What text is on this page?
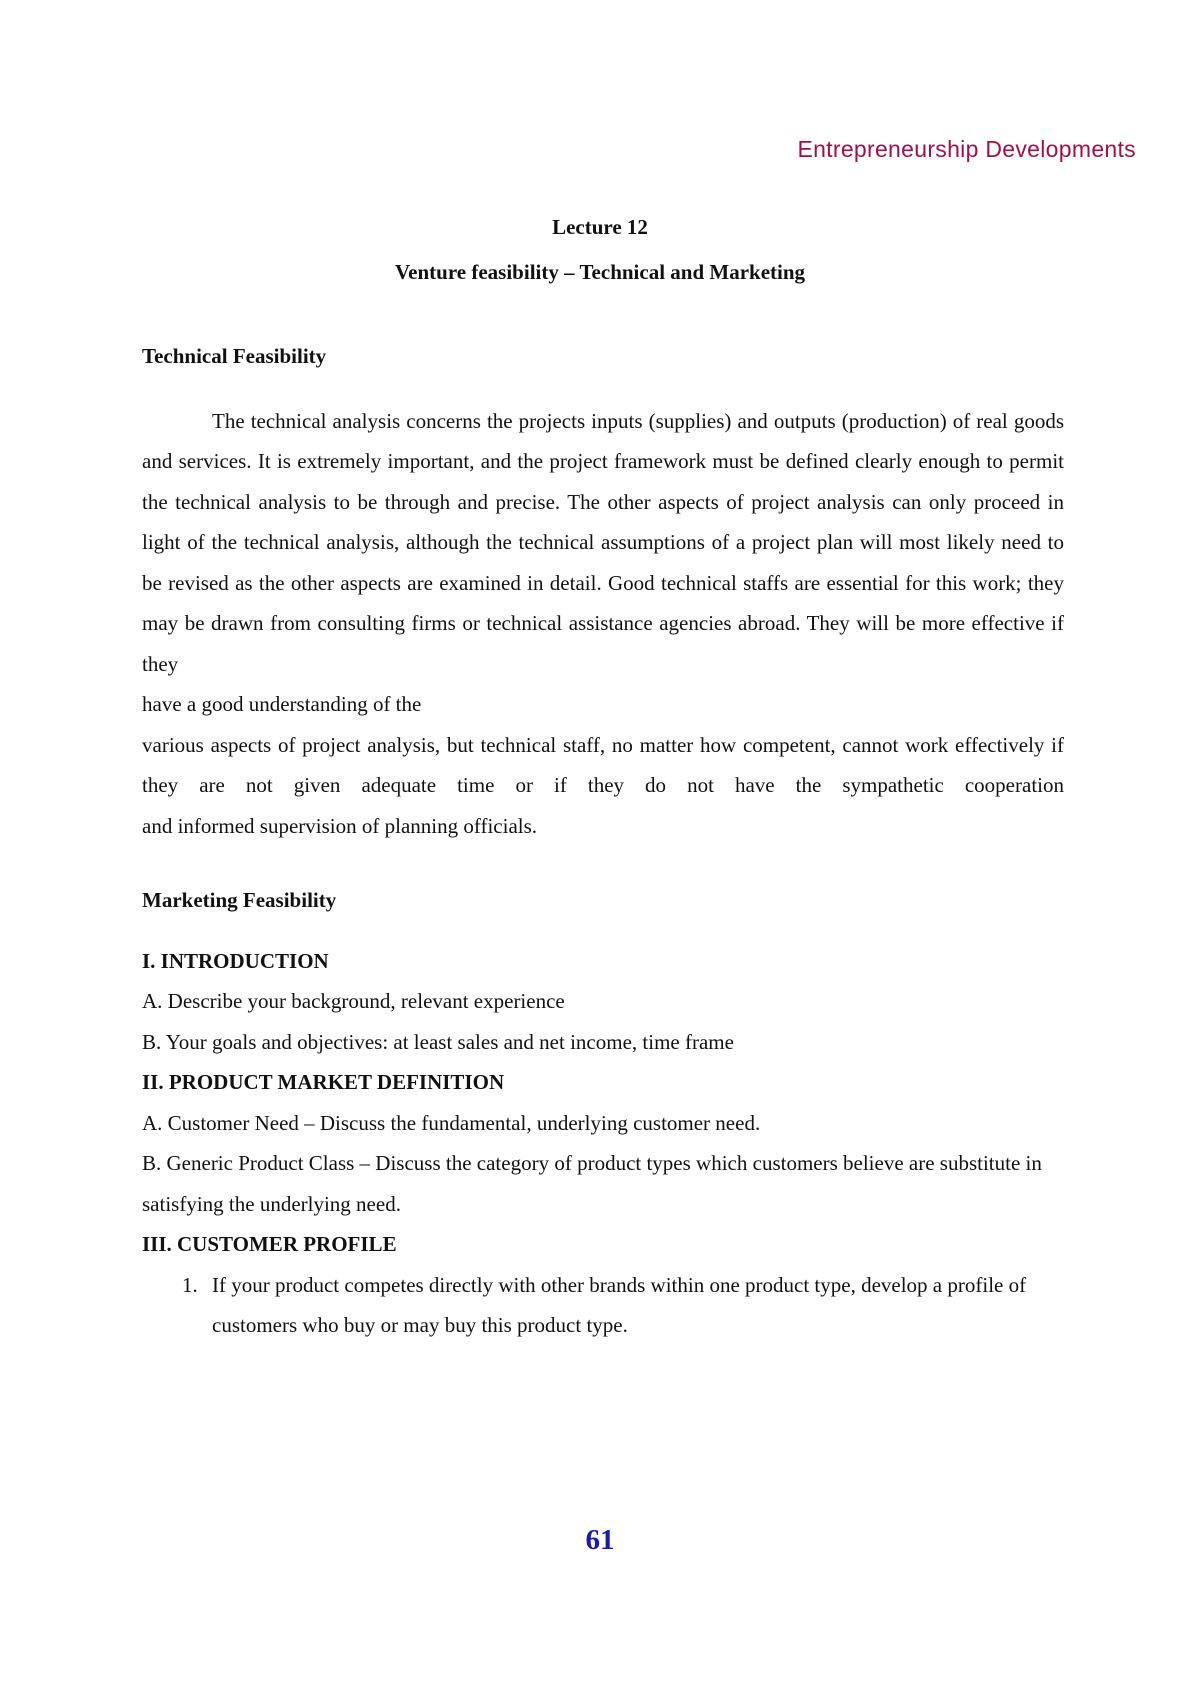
Entrepreneurship Developments
Lecture 12
Venture feasibility – Technical and Marketing

Technical Feasibility

The technical analysis concerns the projects inputs (supplies) and outputs (production) of real goods and services. It is extremely important, and the project framework must be defined clearly enough to permit the technical analysis to be through and precise. The other aspects of project analysis can only proceed in light of the technical analysis, although the technical assumptions of a project plan will most likely need to be revised as the other aspects are examined in detail. Good technical staffs are essential for this work; they may be drawn from consulting firms or technical assistance agencies abroad. They will be more effective if they

have a good understanding of the

various aspects of project analysis, but technical staff, no matter how competent, cannot work effectively if they are not given adequate time or if they do not have the sympathetic cooperation

and informed supervision of planning officials.

Marketing Feasibility

I. INTRODUCTION

A. Describe your background, relevant experience

B. Your goals and objectives: at least sales and net income, time frame

II. PRODUCT MARKET DEFINITION

A. Customer Need – Discuss the fundamental, underlying customer need.

B. Generic Product Class – Discuss the category of product types which customers believe are substitute in satisfying the underlying need.

III. CUSTOMER PROFILE

1. If your product competes directly with other brands within one product type, develop a profile of customers who buy or may buy this product type.
61
